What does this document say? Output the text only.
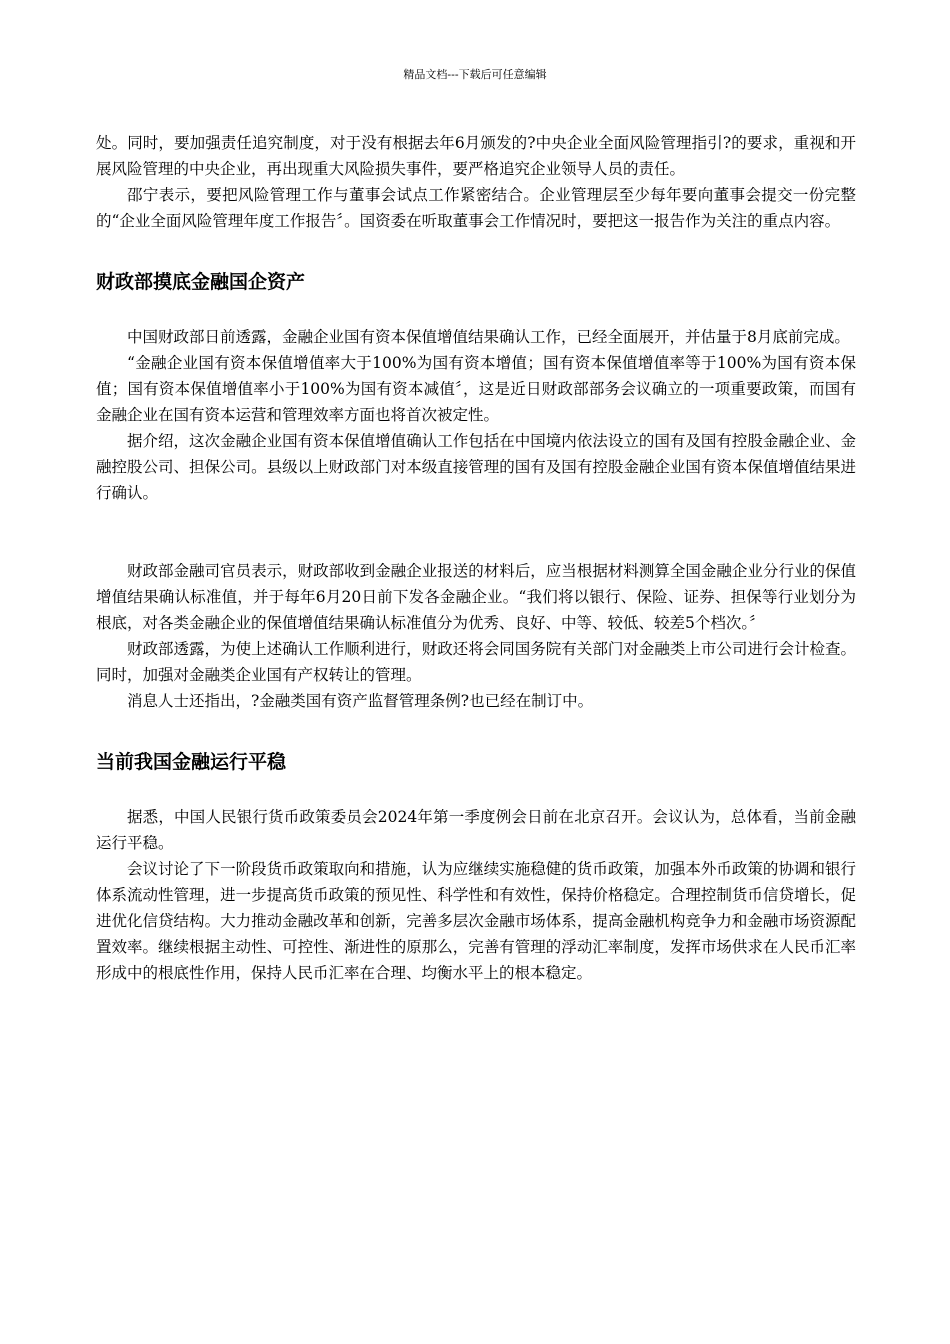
精品文档---下载后可任意编辑

处。同时，要加强责任追究制度，对于没有根据去年6月颁发的?中央企业全面风险管理指引?的要求，重视和开展风险管理的中央企业，再出现重大风险损失事件，要严格追究企业领导人员的责任。

邵宁表示，要把风险管理工作与董事会试点工作紧密结合。企业管理层至少每年要向董事会提交一份完整的“企业全面风险管理年度工作报告〞。国资委在听取董事会工作情况时，要把这一报告作为关注的重点内容。

财政部摸底金融国企资产

中国财政部日前透露，金融企业国有资本保值增值结果确认工作，已经全面展开，并估量于8月底前完成。

“金融企业国有资本保值增值率大于100%为国有资本增值；国有资本保值增值率等于100%为国有资本保值；国有资本保值增值率小于100%为国有资本减值〞，这是近日财政部部务会议确立的一项重要政策，而国有金融企业在国有资本运营和管理效率方面也将首次被定性。

据介绍，这次金融企业国有资本保值增值确认工作包括在中国境内依法设立的国有及国有控股金融企业、金融控股公司、担保公司。县级以上财政部门对本级直接管理的国有及国有控股金融企业国有资本保值增值结果进行确认。

财政部金融司官员表示，财政部收到金融企业报送的材料后，应当根据材料测算全国金融企业分行业的保值增值结果确认标准值，并于每年6月20日前下发各金融企业。“我们将以银行、保险、证券、担保等行业划分为根底，对各类金融企业的保值增值结果确认标准值分为优秀、良好、中等、较低、较差5个档次。〞

财政部透露，为使上述确认工作顺利进行，财政还将会同国务院有关部门对金融类上市公司进行会计检查。同时，加强对金融类企业国有产权转让的管理。

消息人士还指出，?金融类国有资产监督管理条例?也已经在制订中。

当前我国金融运行平稳

据悉，中国人民银行货币政策委员会2024年第一季度例会日前在北京召开。会议认为，总体看，当前金融运行平稳。

会议讨论了下一阶段货币政策取向和措施，认为应继续实施稳健的货币政策，加强本外币政策的协调和银行体系流动性管理，进一步提高货币政策的预见性、科学性和有效性，保持价格稳定。合理控制货币信贷增长，促进优化信贷结构。大力推动金融改革和创新，完善多层次金融市场体系，提高金融机构竞争力和金融市场资源配置效率。继续根据主动性、可控性、渐进性的原那么，完善有管理的浮动汇率制度，发挥市场供求在人民币汇率形成中的根底性作用，保持人民币汇率在合理、均衡水平上的根本稳定。
